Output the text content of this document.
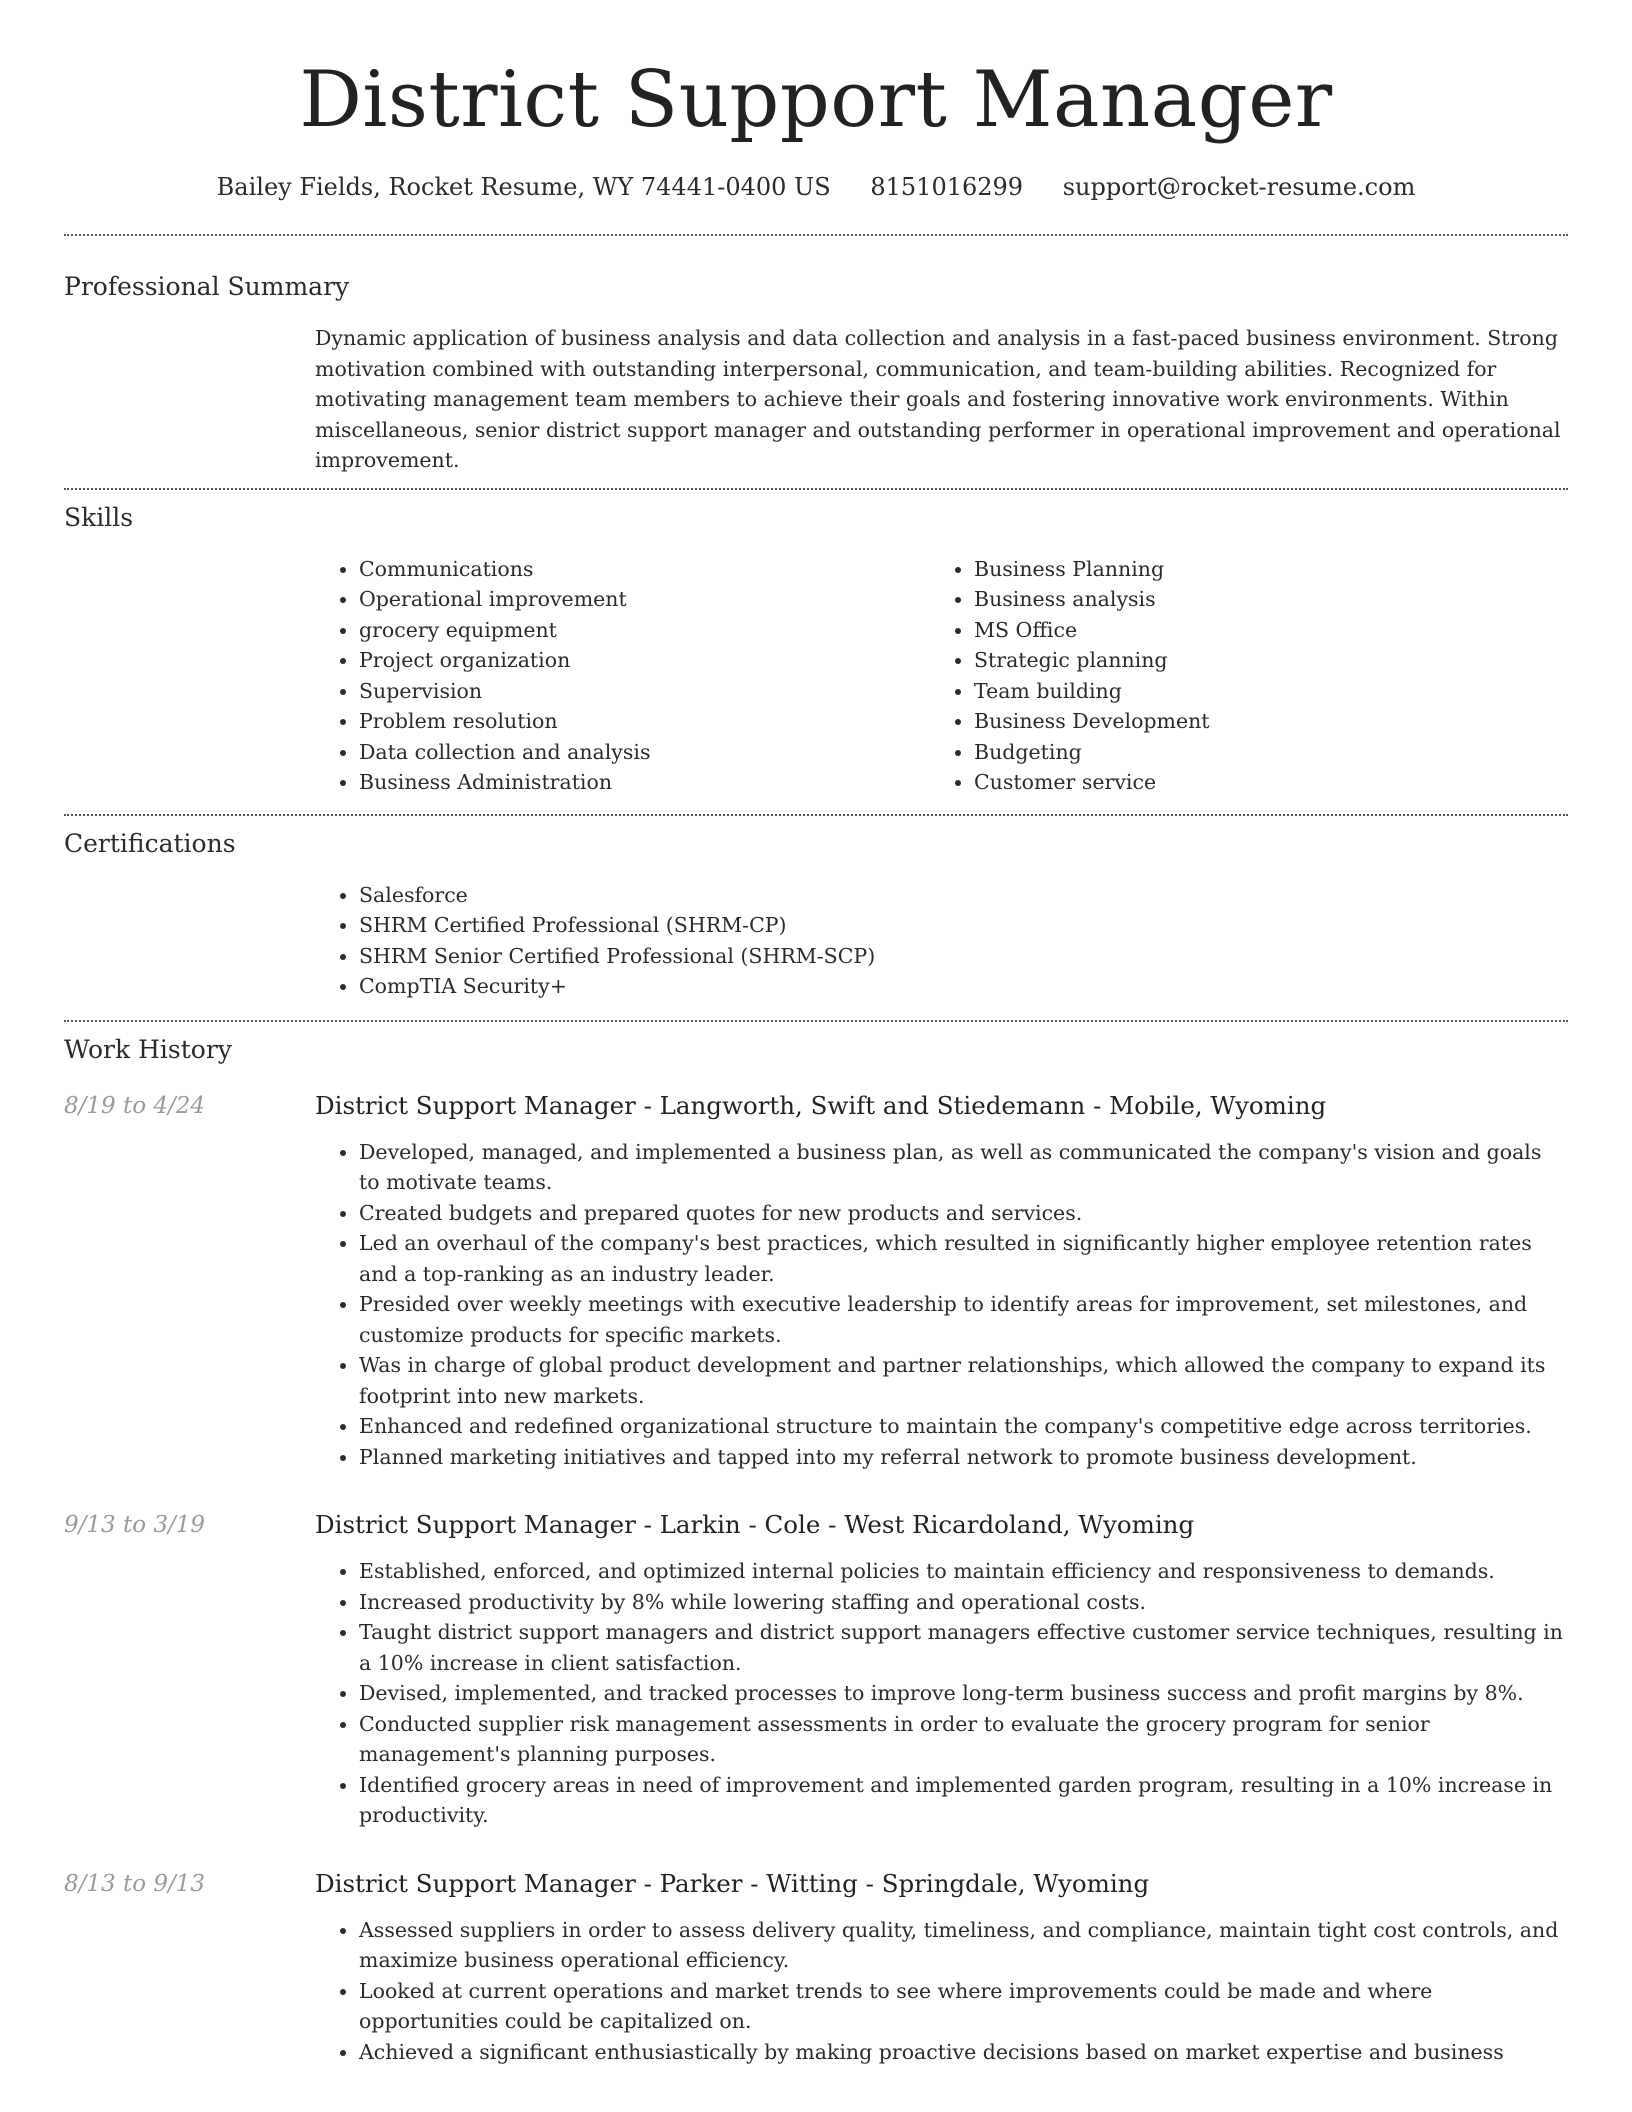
District Support Manager
Bailey Fields, Rocket Resume, WY 74441-0400 US 8151016299 support@rocket-resume.com
Professional Summary

Dynamic application of business analysis and data collection and analysis in a fast-paced business environment. Strong motivation combined with outstanding interpersonal, communication, and team-building abilities. Recognized for motivating management team members to achieve their goals and fostering innovative work environments. Within miscellaneous, senior district support manager and outstanding performer in operational improvement and operational improvement.

Skills
• Communications
• Operational improvement
• grocery equipment
• Project organization
• Supervision
• Problem resolution
• Data collection and analysis
• Business Administration
• Business Planning
• Business analysis
• MS Office
• Strategic planning
• Team building
• Business Development
• Budgeting
• Customer service
Certifications
• Salesforce
• SHRM Certified Professional (SHRM-CP)
• SHRM Senior Certified Professional (SHRM-SCP)
• CompTIA Security+
Work History
8/19 to 4/24	District Support Manager - Langworth, Swift and Stiedemann - Mobile, Wyoming
• Developed, managed, and implemented a business plan, as well as communicated the company's vision and goals to motivate teams.
• Created budgets and prepared quotes for new products and services.
• Led an overhaul of the company's best practices, which resulted in significantly higher employee retention rates and a top-ranking as an industry leader.
• Presided over weekly meetings with executive leadership to identify areas for improvement, set milestones, and customize products for specific markets.
• Was in charge of global product development and partner relationships, which allowed the company to expand its footprint into new markets.
• Enhanced and redefined organizational structure to maintain the company's competitive edge across territories.
• Planned marketing initiatives and tapped into my referral network to promote business development.
9/13 to 3/19	District Support Manager - Larkin - Cole - West Ricardoland, Wyoming
• Established, enforced, and optimized internal policies to maintain efficiency and responsiveness to demands.
• Increased productivity by 8% while lowering staffing and operational costs.
• Taught district support managers and district support managers effective customer service techniques, resulting in a 10% increase in client satisfaction.
• Devised, implemented, and tracked processes to improve long-term business success and profit margins by 8%.
• Conducted supplier risk management assessments in order to evaluate the grocery program for senior management's planning purposes.
• Identified grocery areas in need of improvement and implemented garden program, resulting in a 10% increase in productivity.
8/13 to 9/13	District Support Manager - Parker - Witting - Springdale, Wyoming
• Assessed suppliers in order to assess delivery quality, timeliness, and compliance, maintain tight cost controls, and maximize business operational efficiency.
• Looked at current operations and market trends to see where improvements could be made and where opportunities could be capitalized on.
• Achieved a significant enthusiastically by making proactive decisions based on market expertise and business
